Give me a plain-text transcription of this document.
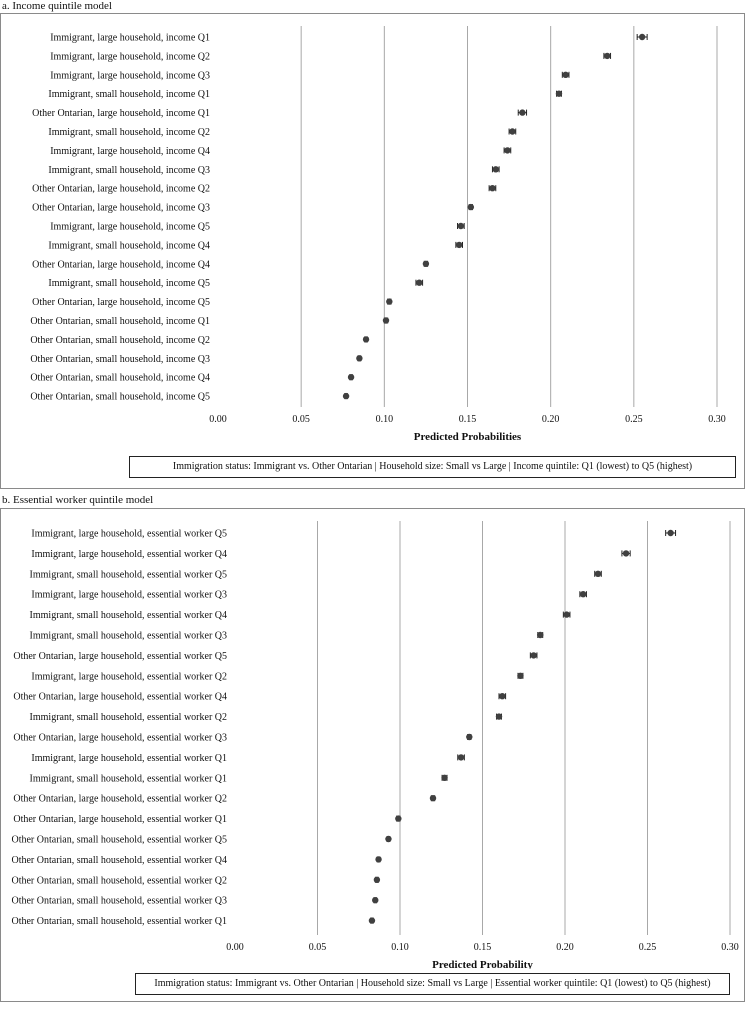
a. Income quintile model
0.00	0.05	0.10	0.15	0.20	0.25	0.30
Predicted Probabilities
Immigrant, large household, income Q1
Immigrant, large household, income Q2
Immigrant, large household, income Q3
Immigrant, small household, income Q1
Other Ontarian, large household, income Q1
Immigrant, small household, income Q2
Immigrant, large household, income Q4
Immigrant, small household, income Q3
Other Ontarian, large household, income Q2
Other Ontarian, large household, income Q3
Immigrant, large household, income Q5
Immigrant, small household, income Q4
Other Ontarian, large household, income Q4
Immigrant, small household, income Q5
Other Ontarian, large household, income Q5
Other Ontarian, small household, income Q1
Other Ontarian, small household, income Q2
Other Ontarian, small household, income Q3
Other Ontarian, small household, income Q4
Other Ontarian, small household, income Q5
Immigration status: Immigrant vs. Other Ontarian | Household size: Small vs Large | Income quintile: Q1 (lowest) to Q5 (highest)
b. Essential worker quintile model
0.00	0.05	0.10	0.15	0.20	0.25	0.30
Predicted Probability
Immigrant, large household, essential worker Q5
Immigrant, large household, essential worker Q4
Immigrant, small household, essential worker Q5
Immigrant, large household, essential worker Q3
Immigrant, small household, essential worker Q4
Immigrant, small household, essential worker Q3
Other Ontarian, large household, essential worker Q5
Immigrant, large household, essential worker Q2
Other Ontarian, large household, essential worker Q4
Immigrant, small household, essential worker Q2
Other Ontarian, large household, essential worker Q3
Immigrant, large household, essential worker Q1
Immigrant, small household, essential worker Q1
Other Ontarian, large household, essential worker Q2
Other Ontarian, large household, essential worker Q1
Other Ontarian, small household, essential worker Q5
Other Ontarian, small household, essential worker Q4
Other Ontarian, small household, essential worker Q2
Other Ontarian, small household, essential worker Q3
Other Ontarian, small household, essential worker Q1
Immigration status: Immigrant vs. Other Ontarian | Household size: Small vs Large | Essential worker quintile: Q1 (lowest) to Q5 (highest)
